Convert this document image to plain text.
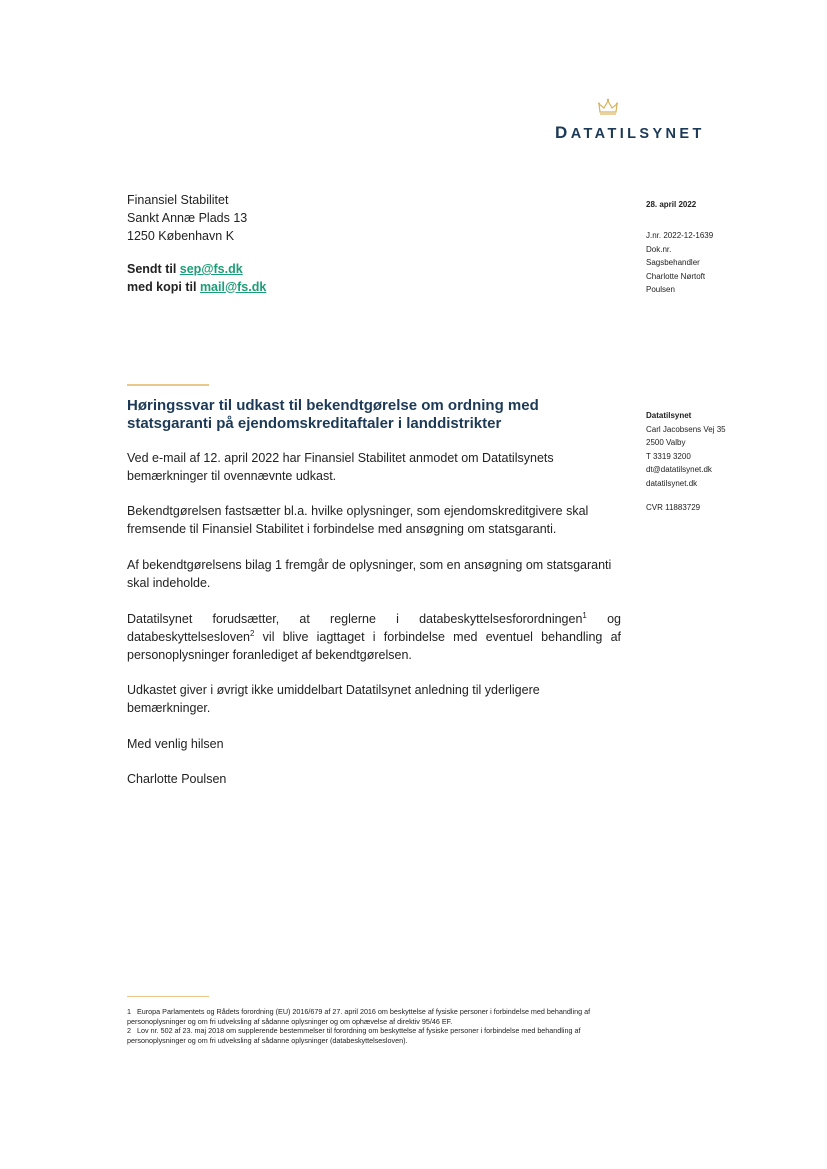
DATATILSYNET
Finansiel Stabilitet
Sankt Annæ Plads 13
1250 København K
Sendt til sep@fs.dk
med kopi til mail@fs.dk
28. april 2022
J.nr. 2022-12-1639
Dok.nr.
Sagsbehandler
Charlotte Nørtoft
Poulsen
Datatilsynet
Carl Jacobsens Vej 35
2500 Valby
T 3319 3200
dt@datatilsynet.dk
datatilsynet.dk
CVR 11883729
Høringssvar til udkast til bekendtgørelse om ordning med statsgaranti på ejendomskreditaftaler i landdistrikter
Ved e-mail af 12. april 2022 har Finansiel Stabilitet anmodet om Datatilsynets bemærkninger til ovennævnte udkast.
Bekendtgørelsen fastsætter bl.a. hvilke oplysninger, som ejendomskreditgivere skal fremsende til Finansiel Stabilitet i forbindelse med ansøgning om statsgaranti.
Af bekendtgørelsens bilag 1 fremgår de oplysninger, som en ansøgning om statsgaranti skal indeholde.
Datatilsynet forudsætter, at reglerne i databeskyttelsesforordningen$^1$ og databeskyttelsesloven$^2$ vil blive iagttaget i forbindelse med eventuel behandling af personoplysninger foranlediget af bekendtgørelsen.
Udkastet giver i øvrigt ikke umiddelbart Datatilsynet anledning til yderligere bemærkninger.
Med venlig hilsen
Charlotte Poulsen
1 Europa Parlamentets og Rådets forordning (EU) 2016/679 af 27. april 2016 om beskyttelse af fysiske personer i forbindelse med behandling af personoplysninger og om fri udveksling af sådanne oplysninger og om ophævelse af direktiv 95/46 EF.
2 Lov nr. 502 af 23. maj 2018 om supplerende bestemmelser til forordning om beskyttelse af fysiske personer i forbindelse med behandling af personoplysninger og om fri udveksling af sådanne oplysninger (databeskyttelsesloven).
